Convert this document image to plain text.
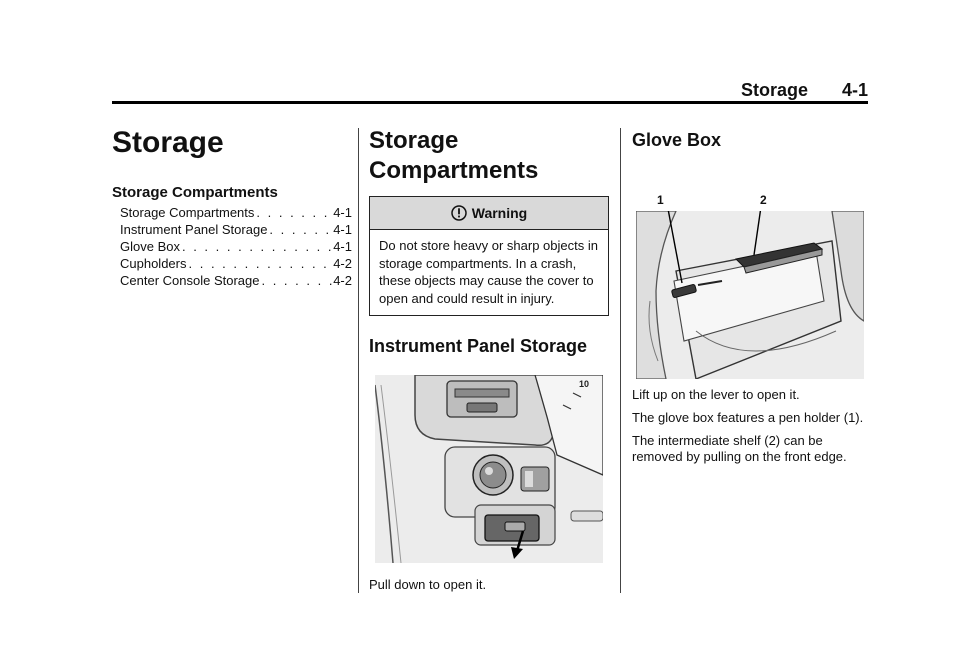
Storage 4-1
Storage
Storage Compartments
Storage Compartments . . .	4-1
Instrument Panel Storage . . .	4-1
Glove Box . . .	4-1
Cupholders . . .	4-2
Center Console Storage . . .	4-2
Storage
Compartments
Warning
Do not store heavy or sharp objects in storage compartments. In a crash, these objects may cause the cover to open and could result in injury.
Instrument Panel Storage
10
Pull down to open it.
Glove Box
1	2

Lift up on the lever to open it.

The glove box features a pen holder (1).

The intermediate shelf (2) can be removed by pulling on the front edge.
